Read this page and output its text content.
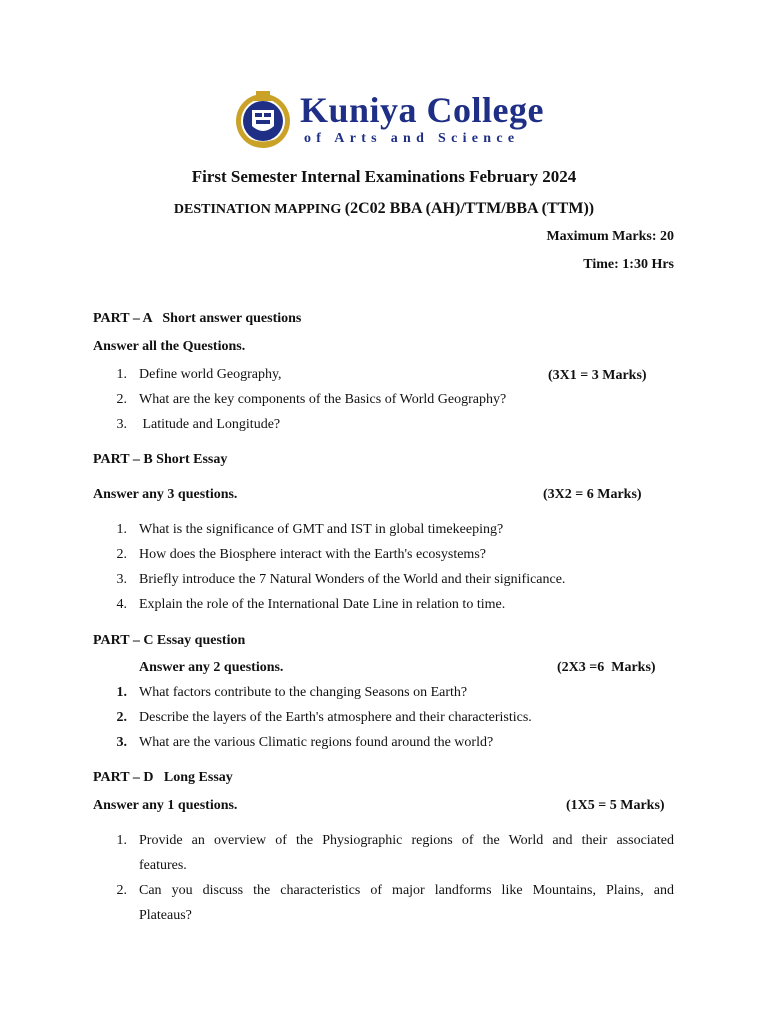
Kuniya College
of Arts and Science
First Semester Internal Examinations February 2024
DESTINATION MAPPING (2C02 BBA (AH)/TTM/BBA (TTM))
Maximum Marks: 20
Time: 1:30 Hrs
PART – A   Short answer questions
Answer all the Questions.
(3X1 = 3 Marks)
1. Define world Geography,
2. What are the key components of the Basics of World Geography?
3. Latitude and Longitude?
PART – B Short Essay
Answer any 3 questions.	(3X2 = 6 Marks)
1. What is the significance of GMT and IST in global timekeeping?
2. How does the Biosphere interact with the Earth's ecosystems?
3. Briefly introduce the 7 Natural Wonders of the World and their significance.
4. Explain the role of the International Date Line in relation to time.
PART – C Essay question
Answer any 2 questions.	(2X3 =6  Marks)
1. What factors contribute to the changing Seasons on Earth?
2. Describe the layers of the Earth's atmosphere and their characteristics.
3. What are the various Climatic regions found around the world?
PART – D   Long Essay
Answer any 1 questions.	(1X5 = 5 Marks)
1. Provide an overview of the Physiographic regions of the World and their associated
features.
2. Can you discuss the characteristics of major landforms like Mountains, Plains, and
Plateaus?
